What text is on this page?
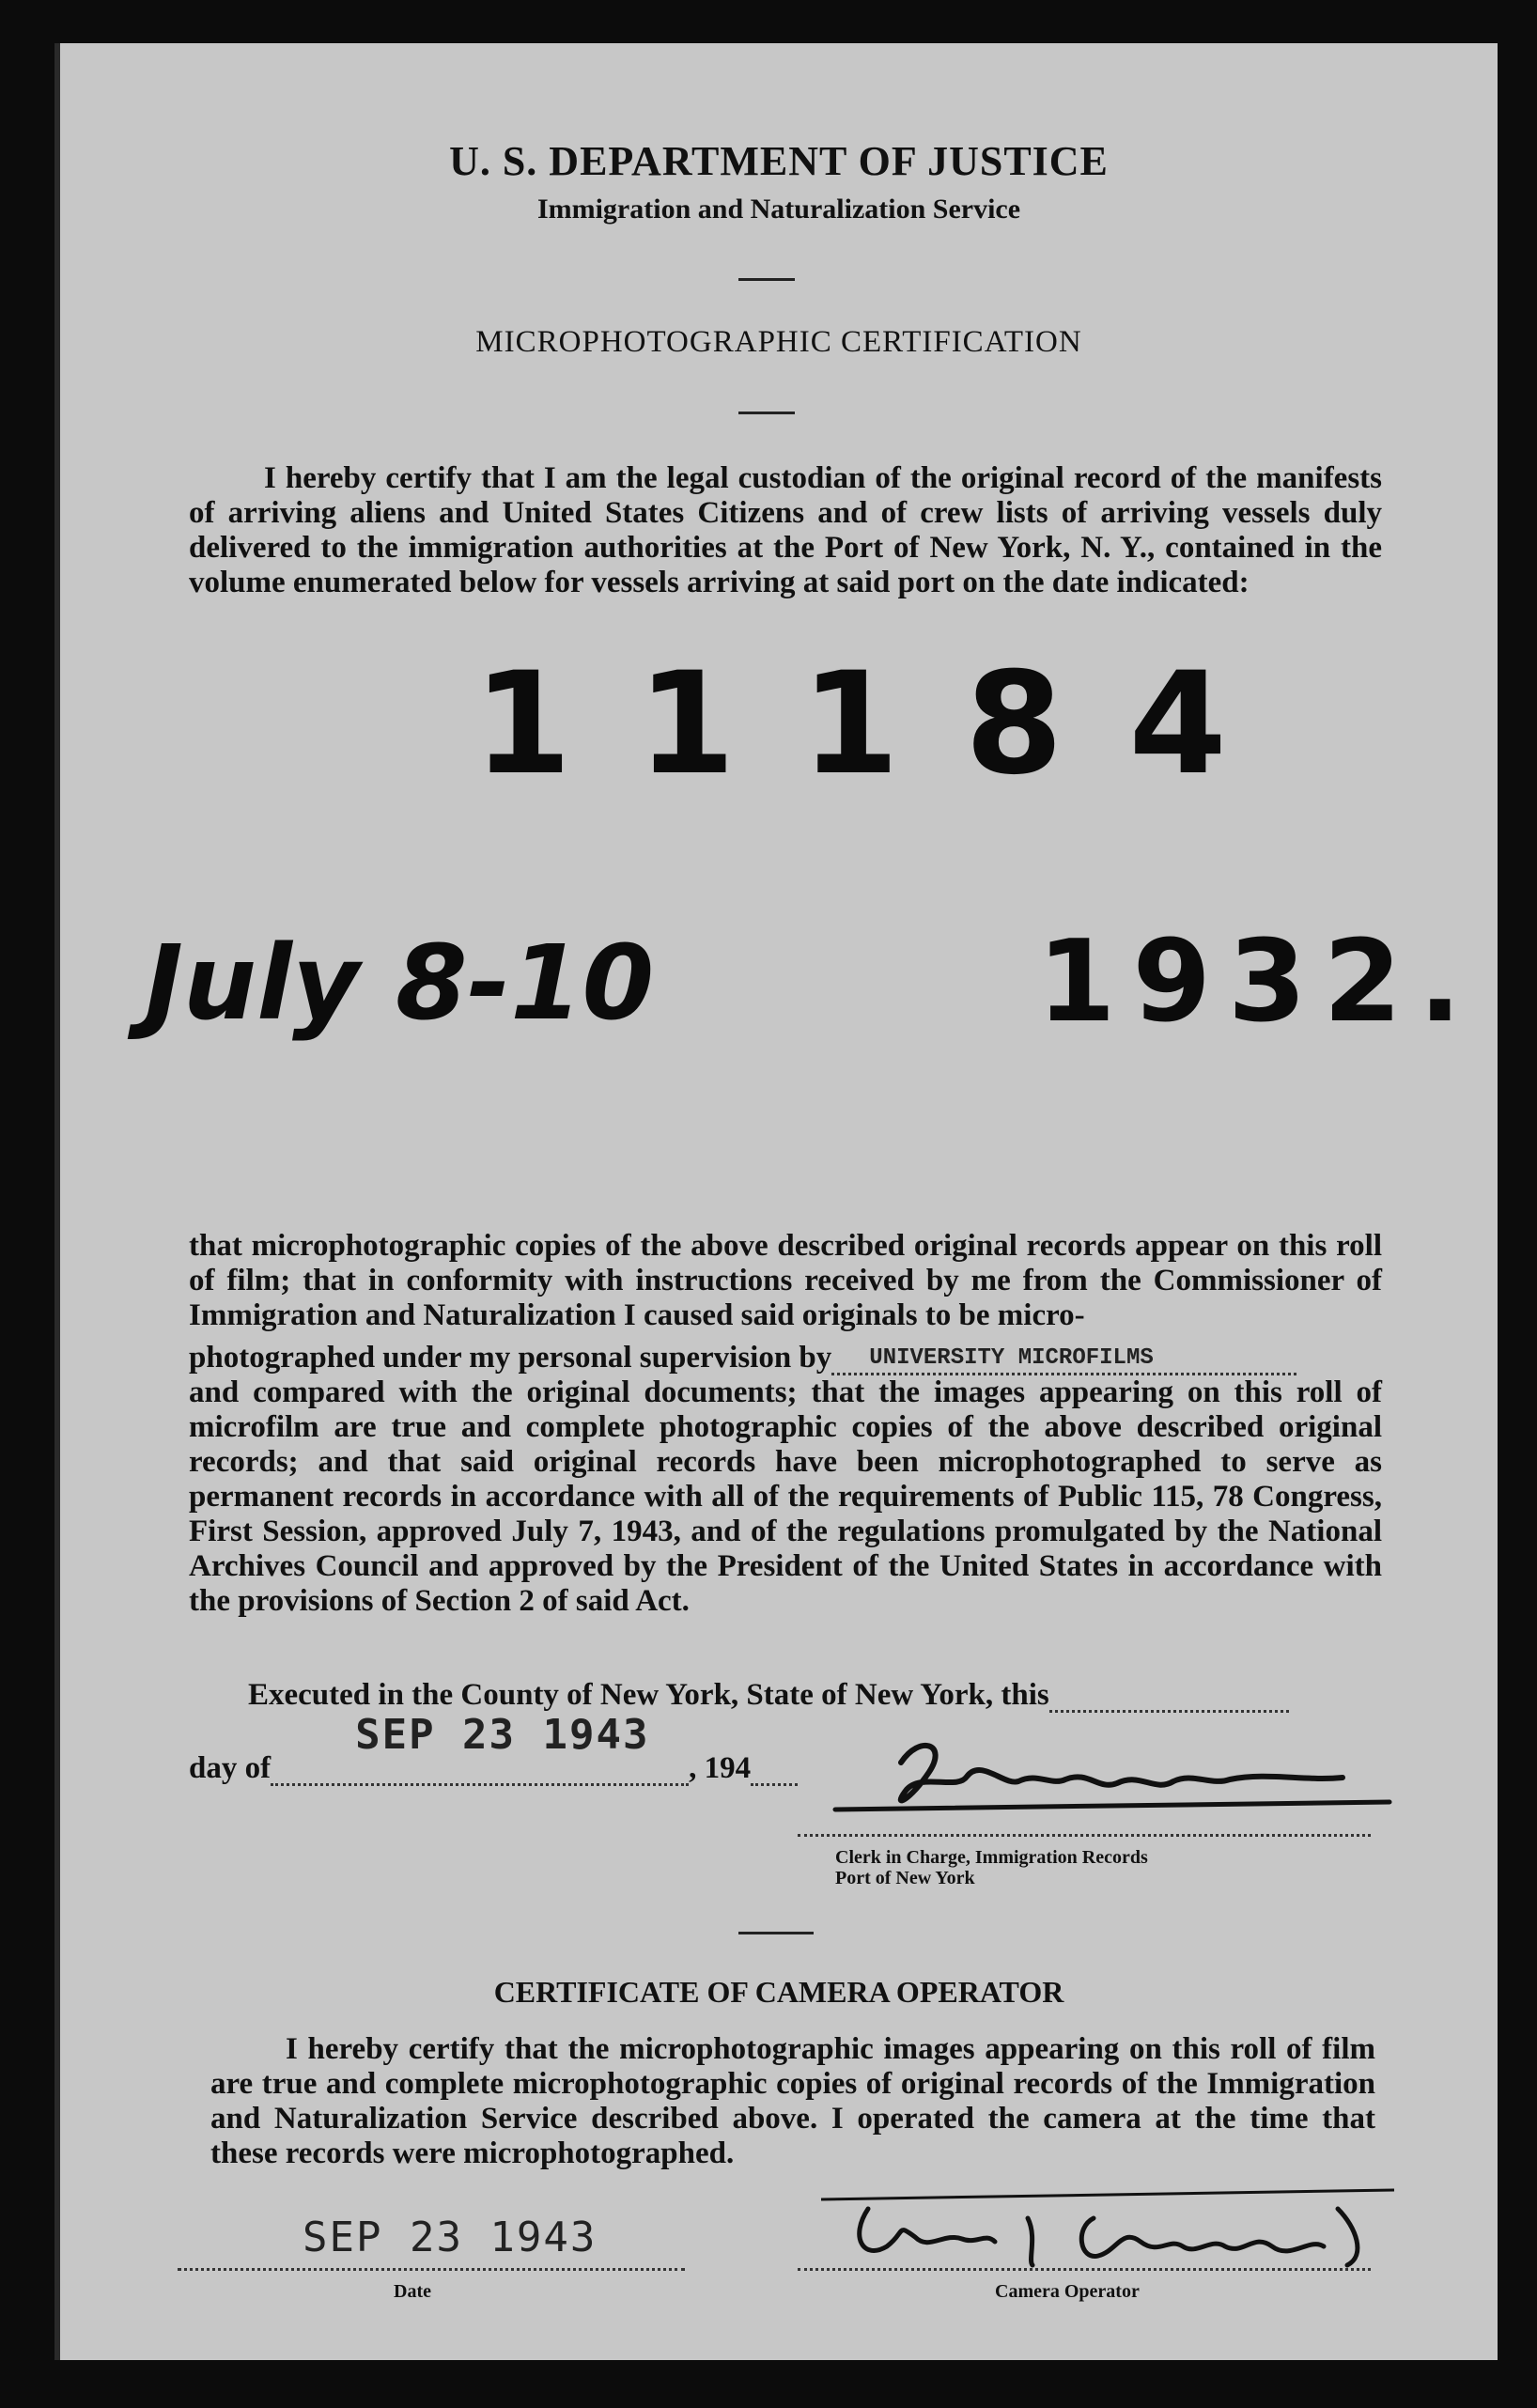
U. S. DEPARTMENT OF JUSTICE
Immigration and Naturalization Service
MICROPHOTOGRAPHIC CERTIFICATION

I hereby certify that I am the legal custodian of the original record of the manifests of arriving aliens and United States Citizens and of crew lists of arriving vessels duly delivered to the immigration authorities at the Port of New York, N. Y., contained in the volume enumerated below for vessels arriving at said port on the date indicated:

11184
July 8-10	1932.

that microphotographic copies of the above described original records appear on this roll of film; that in conformity with instructions received by me from the Commissioner of Immigration and Naturalization I caused said originals to be micro-

photographed under my personal supervision by UNIVERSITY MICROFILMS

and compared with the original documents; that the images appearing on this roll of microfilm are true and complete photographic copies of the above described original records; and that said original records have been microphotographed to serve as permanent records in accordance with all of the requirements of Public 115, 78 Congress, First Session, approved July 7, 1943, and of the regulations promulgated by the National Archives Council and approved by the President of the United States in accordance with the provisions of Section 2 of said Act.

Executed in the County of New York, State of New York, this
day of
SEP 23 1943
, 194
Clerk in Charge, Immigration Records
Port of New York
CERTIFICATE OF CAMERA OPERATOR

I hereby certify that the microphotographic images appearing on this roll of film are true and complete microphotographic copies of original records of the Immigration and Naturalization Service described above. I operated the camera at the time that these records were microphotographed.

SEP 23 1943
Date	Camera Operator
